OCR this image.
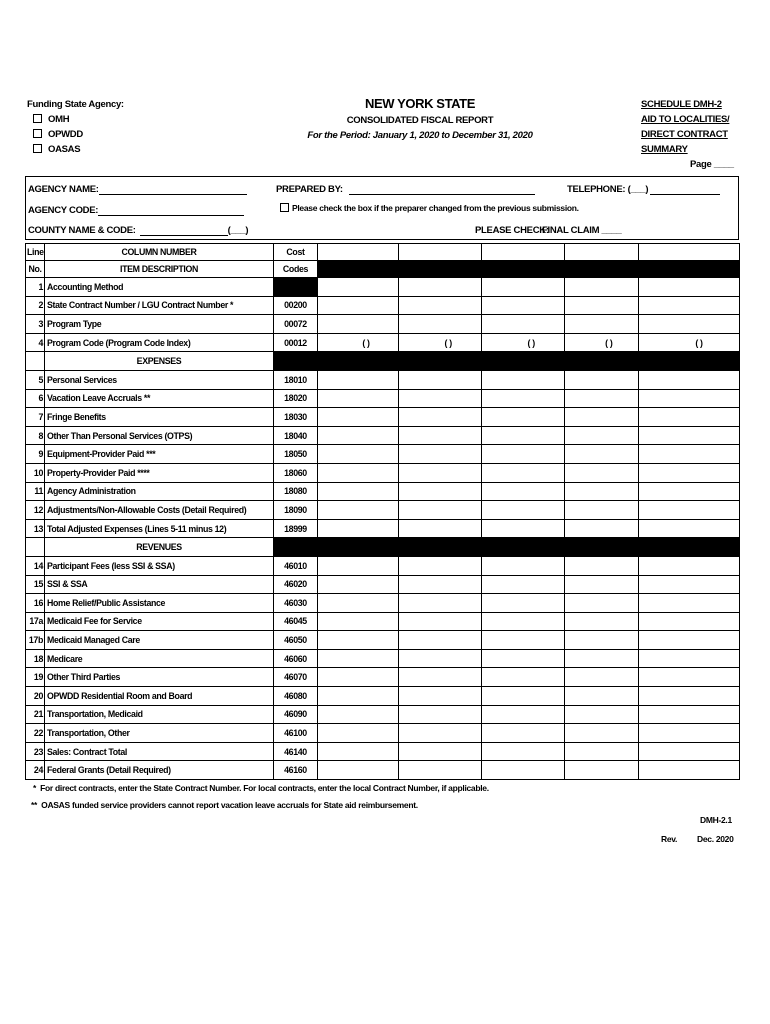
Funding State Agency:
OMH
OPWDD
OASAS
NEW YORK STATE
CONSOLIDATED FISCAL REPORT
For the Period: January 1, 2020 to December 31, 2020
SCHEDULE DMH-2
AID TO LOCALITIES/
DIRECT CONTRACT
SUMMARY
Page ____
AGENCY NAME:	PREPARED BY:	TELEPHONE: (___)
AGENCY CODE:	Please check the box if the preparer changed from the previous submission.
COUNTY NAME & CODE:	(___)	PLEASE CHECK:
FINAL CLAIM ____
Line	COLUMN NUMBER	Cost					
No.	ITEM DESCRIPTION	Codes					
1	Accounting Method						
2	State Contract Number / LGU Contract Number *	00200					
3	Program Type	00072					
4	Program Code (Program Code Index)	00012	( )	( )	( )	( )	( )

	EXPENSES						
5	Personal Services	18010					
6	Vacation Leave Accruals **	18020					
7	Fringe Benefits	18030					
8	Other Than Personal Services (OTPS)	18040					
9	Equipment-Provider Paid ***	18050					
10	Property-Provider Paid ****	18060					
11	Agency Administration	18080					
12	Adjustments/Non-Allowable Costs (Detail Required)	18090					
13	Total Adjusted Expenses (Lines 5-11 minus 12)	18999					
	REVENUES						
14	Participant Fees (less SSI & SSA)	46010					
15	SSI & SSA	46020					
16	Home Relief/Public Assistance	46030					
17a	Medicaid Fee for Service	46045					
17b	Medicaid Managed Care	46050					
18	Medicare	46060					
19	Other Third Parties	46070					
20	OPWDD Residential Room and Board	46080					
21	Transportation, Medicaid	46090					
22	Transportation, Other	46100					
23	Sales: Contract Total	46140					
24	Federal Grants (Detail Required)	46160					
* For direct contracts, enter the State Contract Number. For local contracts, enter the local Contract Number, if applicable.
** OASAS funded service providers cannot report vacation leave accruals for State aid reimbursement.
DMH-2.1
Rev. Dec. 2020
